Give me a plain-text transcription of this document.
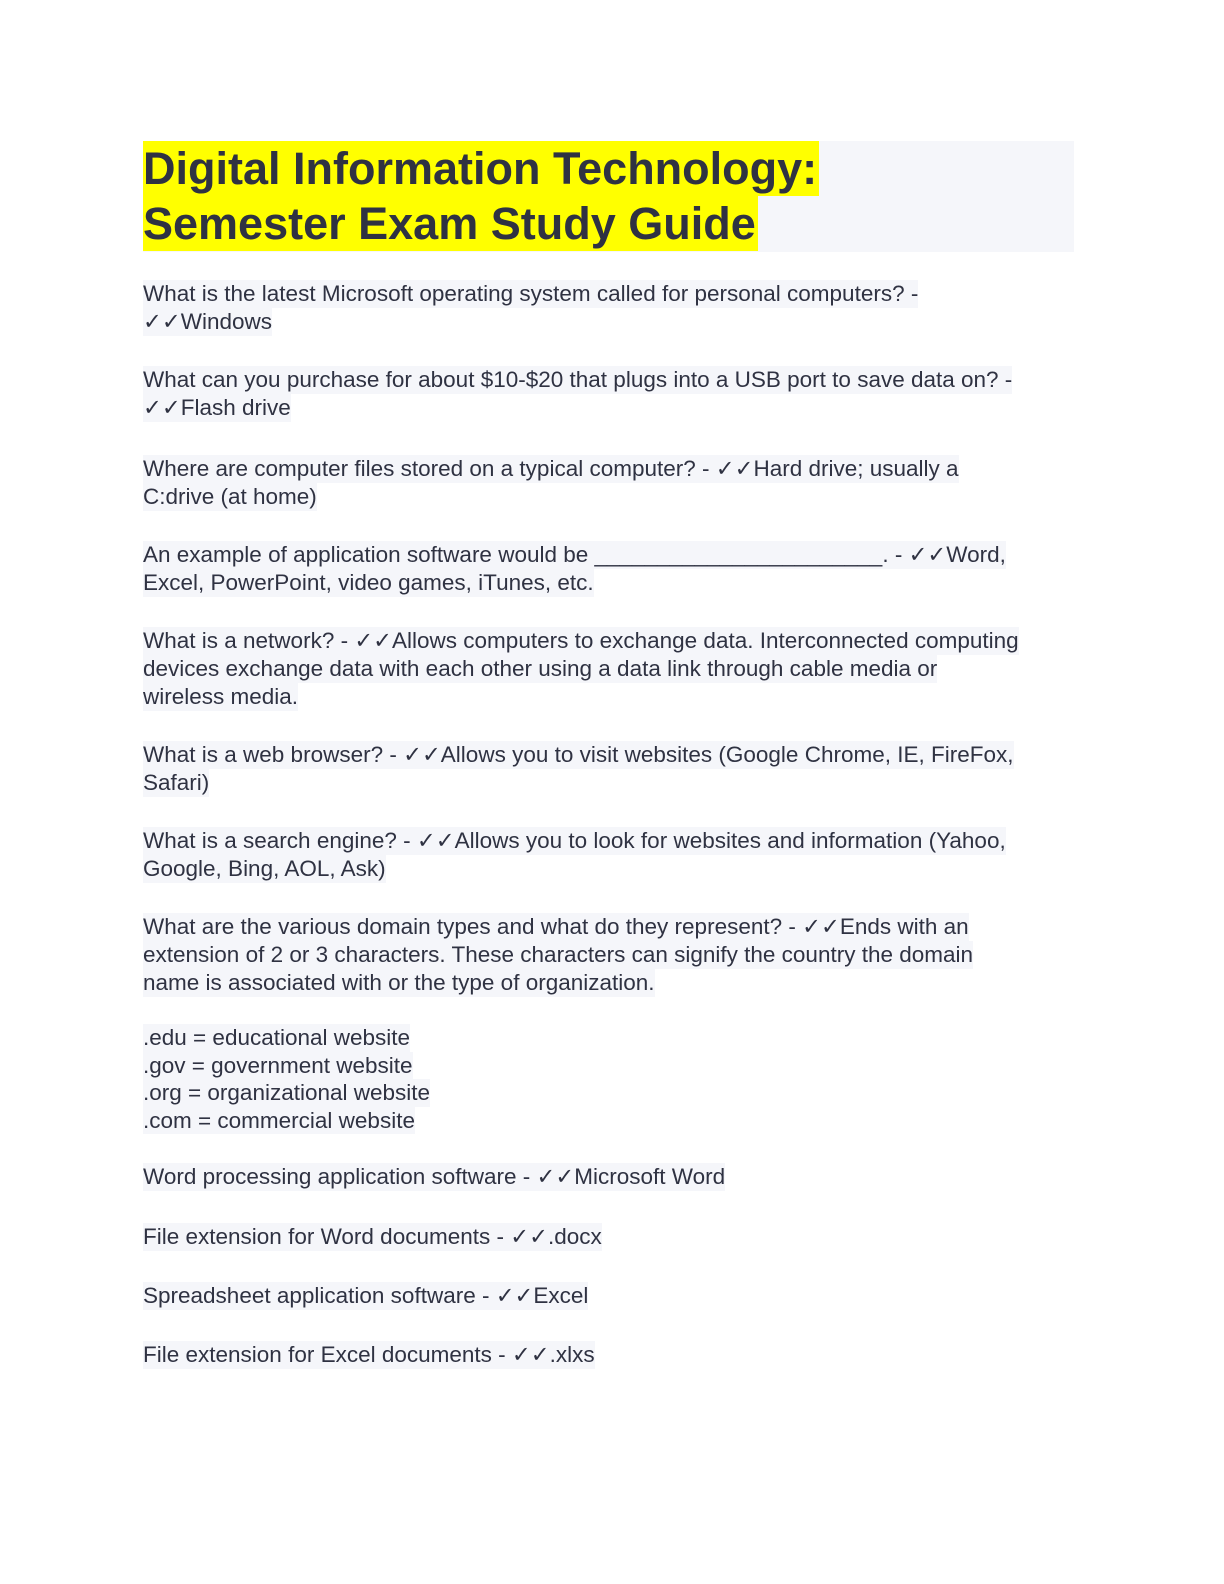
Digital Information Technology:
Semester Exam Study Guide
What is the latest Microsoft operating system called for personal computers? -
✓✓Windows
What can you purchase for about $10-$20 that plugs into a USB port to save data on? -
✓✓Flash drive
Where are computer files stored on a typical computer? - ✓✓Hard drive; usually a
C:drive (at home)
An example of application software would be _______________________. - ✓✓Word,
Excel, PowerPoint, video games, iTunes, etc.
What is a network? - ✓✓Allows computers to exchange data. Interconnected computing
devices exchange data with each other using a data link through cable media or
wireless media.
What is a web browser? - ✓✓Allows you to visit websites (Google Chrome, IE, FireFox,
Safari)
What is a search engine? - ✓✓Allows you to look for websites and information (Yahoo,
Google, Bing, AOL, Ask)
What are the various domain types and what do they represent? - ✓✓Ends with an
extension of 2 or 3 characters. These characters can signify the country the domain
name is associated with or the type of organization.
.edu = educational website
.gov = government website
.org = organizational website
.com = commercial website
Word processing application software - ✓✓Microsoft Word
File extension for Word documents - ✓✓.docx
Spreadsheet application software - ✓✓Excel
File extension for Excel documents - ✓✓.xlxs
